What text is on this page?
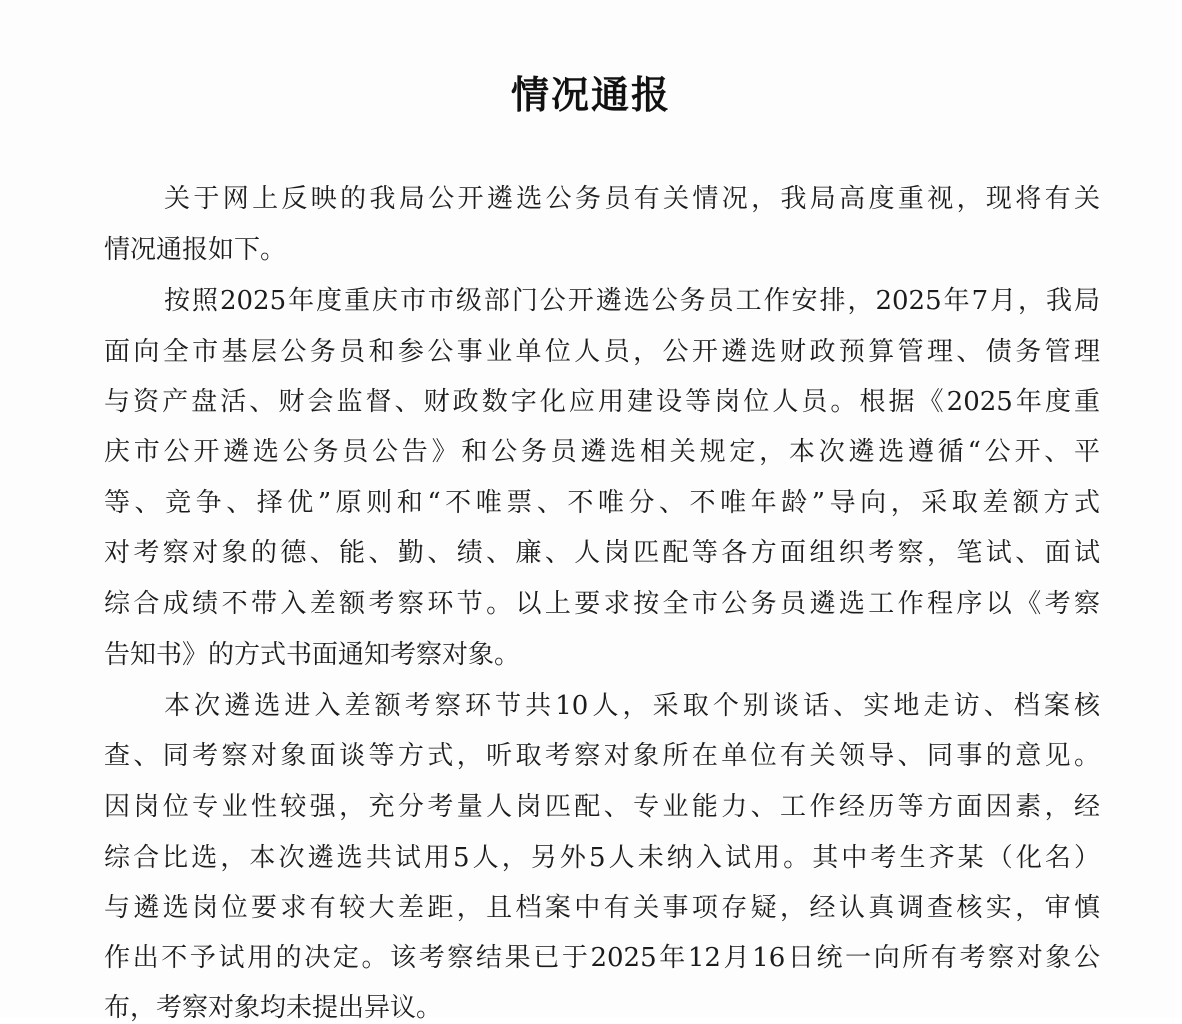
情况通报
关于网上反映的我局公开遴选公务员有关情况，我局高度重视，现将有关
情况通报如下。
按照2025年度重庆市市级部门公开遴选公务员工作安排，2025年7月，我局
面向全市基层公务员和参公事业单位人员，公开遴选财政预算管理、债务管理
与资产盘活、财会监督、财政数字化应用建设等岗位人员。根据《2025年度重
庆市公开遴选公务员公告》和公务员遴选相关规定，本次遴选遵循“公开、平
等、竞争、择优”原则和“不唯票、不唯分、不唯年龄”导向，采取差额方式
对考察对象的德、能、勤、绩、廉、人岗匹配等各方面组织考察，笔试、面试
综合成绩不带入差额考察环节。以上要求按全市公务员遴选工作程序以《考察
告知书》的方式书面通知考察对象。
本次遴选进入差额考察环节共10人，采取个别谈话、实地走访、档案核
查、同考察对象面谈等方式，听取考察对象所在单位有关领导、同事的意见。
因岗位专业性较强，充分考量人岗匹配、专业能力、工作经历等方面因素，经
综合比选，本次遴选共试用5人，另外5人未纳入试用。其中考生齐某（化名）
与遴选岗位要求有较大差距，且档案中有关事项存疑，经认真调查核实，审慎
作出不予试用的决定。该考察结果已于2025年12月16日统一向所有考察对象公
布，考察对象均未提出异议。
